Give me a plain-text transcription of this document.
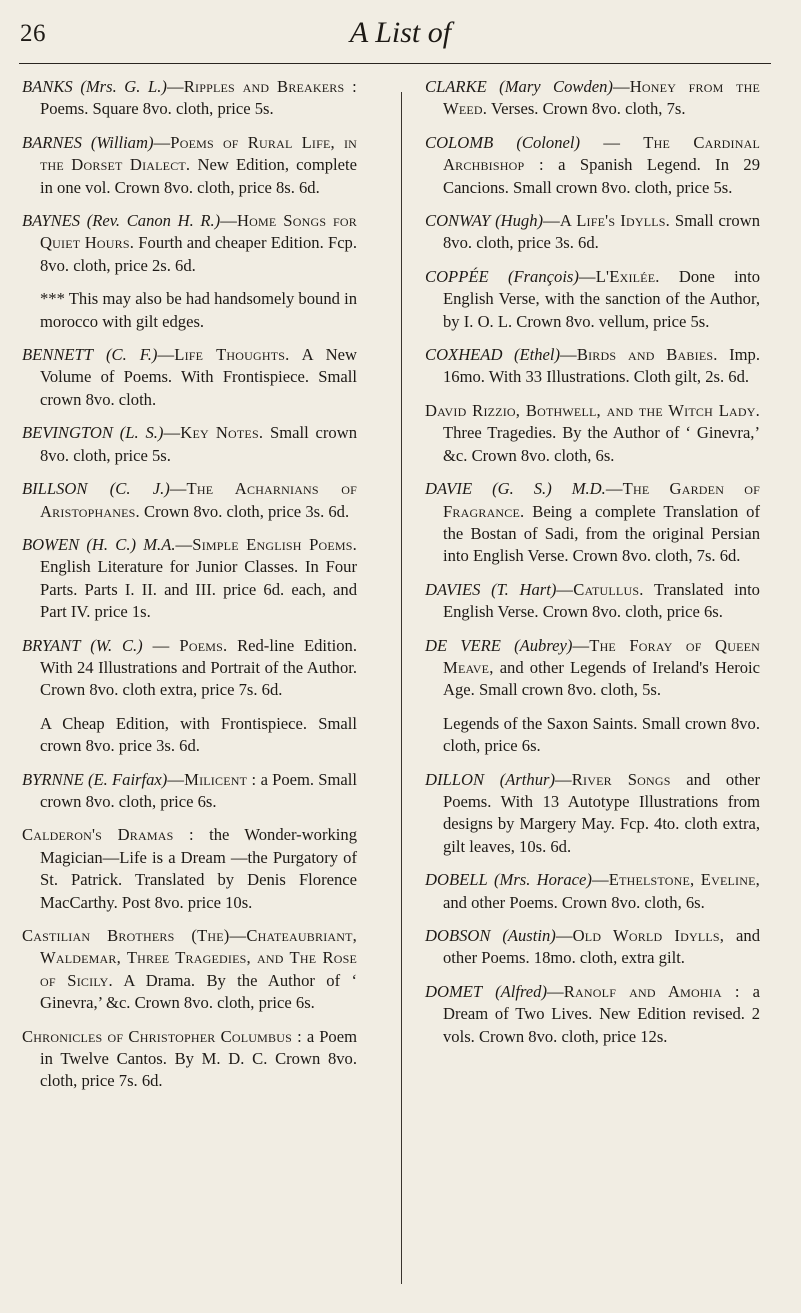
26	A List of

BANKS (Mrs. G. L.)—Ripples and Breakers : Poems. Square 8vo. cloth, price 5s.

BARNES (William)—Poems of Rural Life, in the Dorset Dialect. New Edition, complete in one vol. Crown 8vo. cloth, price 8s. 6d.

BAYNES (Rev. Canon H. R.)—Home Songs for Quiet Hours. Fourth and cheaper Edition. Fcp. 8vo. cloth, price 2s. 6d.

*** This may also be had handsomely bound in morocco with gilt edges.

BENNETT (C. F.)—Life Thoughts. A New Volume of Poems. With Frontispiece. Small crown 8vo. cloth.

BEVINGTON (L. S.)—Key Notes. Small crown 8vo. cloth, price 5s.

BILLSON (C. J.)—The Acharnians of Aristophanes. Crown 8vo. cloth, price 3s. 6d.

BOWEN (H. C.) M.A.—Simple English Poems. English Literature for Junior Classes. In Four Parts. Parts I. II. and III. price 6d. each, and Part IV. price 1s.

BRYANT (W. C.) — Poems. Red-line Edition. With 24 Illustrations and Portrait of the Author. Crown 8vo. cloth extra, price 7s. 6d.

A Cheap Edition, with Frontispiece. Small crown 8vo. price 3s. 6d.

BYRNNE (E. Fairfax)—Milicent : a Poem. Small crown 8vo. cloth, price 6s.

Calderon's Dramas : the Wonder-working Magician—Life is a Dream —the Purgatory of St. Patrick. Translated by Denis Florence MacCarthy. Post 8vo. price 10s.

Castilian Brothers (The)—Chateaubriant, Waldemar, Three Tragedies, and The Rose of Sicily. A Drama. By the Author of ‘ Ginevra,’ &c. Crown 8vo. cloth, price 6s.

Chronicles of Christopher Columbus : a Poem in Twelve Cantos. By M. D. C. Crown 8vo. cloth, price 7s. 6d.

CLARKE (Mary Cowden)—Honey from the Weed. Verses. Crown 8vo. cloth, 7s.

COLOMB (Colonel) — The Cardinal Archbishop : a Spanish Legend. In 29 Cancions. Small crown 8vo. cloth, price 5s.

CONWAY (Hugh)—A Life's Idylls. Small crown 8vo. cloth, price 3s. 6d.

COPPÉE (François)—L'Exilée. Done into English Verse, with the sanction of the Author, by I. O. L. Crown 8vo. vellum, price 5s.

COXHEAD (Ethel)—Birds and Babies. Imp. 16mo. With 33 Illustrations. Cloth gilt, 2s. 6d.

David Rizzio, Bothwell, and the Witch Lady. Three Tragedies. By the Author of ‘ Ginevra,’ &c. Crown 8vo. cloth, 6s.

DAVIE (G. S.) M.D.—The Garden of Fragrance. Being a complete Translation of the Bostan of Sadi, from the original Persian into English Verse. Crown 8vo. cloth, 7s. 6d.

DAVIES (T. Hart)—Catullus. Translated into English Verse. Crown 8vo. cloth, price 6s.

DE VERE (Aubrey)—The Foray of Queen Meave, and other Legends of Ireland's Heroic Age. Small crown 8vo. cloth, 5s.

Legends of the Saxon Saints. Small crown 8vo. cloth, price 6s.

DILLON (Arthur)—River Songs and other Poems. With 13 Autotype Illustrations from designs by Margery May. Fcp. 4to. cloth extra, gilt leaves, 10s. 6d.

DOBELL (Mrs. Horace)—Ethelstone, Eveline, and other Poems. Crown 8vo. cloth, 6s.

DOBSON (Austin)—Old World Idylls, and other Poems. 18mo. cloth, extra gilt.

DOMET (Alfred)—Ranolf and Amohia : a Dream of Two Lives. New Edition revised. 2 vols. Crown 8vo. cloth, price 12s.
